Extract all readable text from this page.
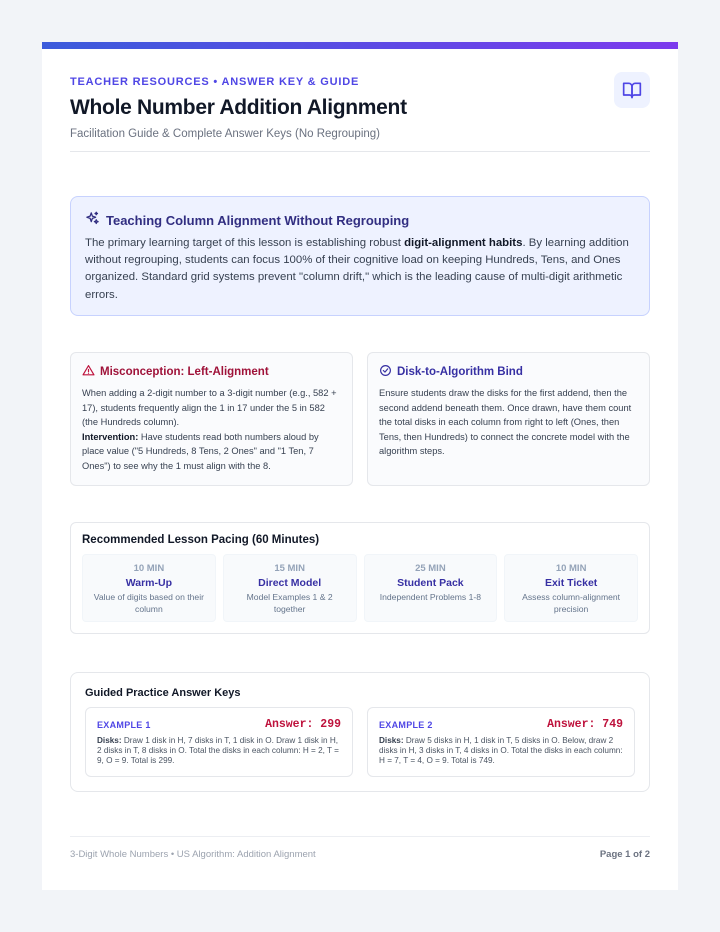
TEACHER RESOURCES • ANSWER KEY & GUIDE
Whole Number Addition Alignment
Facilitation Guide & Complete Answer Keys (No Regrouping)
Teaching Column Alignment Without Regrouping

The primary learning target of this lesson is establishing robust digit-alignment habits. By learning addition without regrouping, students can focus 100% of their cognitive load on keeping Hundreds, Tens, and Ones organized. Standard grid systems prevent "column drift," which is the leading cause of multi-digit arithmetic errors.

Misconception: Left-Alignment

When adding a 2-digit number to a 3-digit number (e.g., 582 + 17), students frequently align the 1 in 17 under the 5 in 582 (the Hundreds column).
Intervention: Have students read both numbers aloud by place value ("5 Hundreds, 8 Tens, 2 Ones" and "1 Ten, 7 Ones") to see why the 1 must align with the 8.

Disk-to-Algorithm Bind

Ensure students draw the disks for the first addend, then the second addend beneath them. Once drawn, have them count the total disks in each column from right to left (Ones, then Tens, then Hundreds) to connect the concrete model with the algorithm steps.

Recommended Lesson Pacing (60 Minutes)
10 MIN
Warm-Up
Value of digits based on their column
15 MIN
Direct Model
Model Examples 1 & 2 together
25 MIN
Student Pack
Independent Problems 1-8
10 MIN
Exit Ticket
Assess column-alignment precision
Guided Practice Answer Keys
EXAMPLE 1	Answer: 299

Disks: Draw 1 disk in H, 7 disks in T, 1 disk in O. Draw 1 disk in H, 2 disks in T, 8 disks in O. Total the disks in each column: H = 2, T = 9, O = 9. Total is 299.

EXAMPLE 2	Answer: 749

Disks: Draw 5 disks in H, 1 disk in T, 5 disks in O. Below, draw 2 disks in H, 3 disks in T, 4 disks in O. Total the disks in each column: H = 7, T = 4, O = 9. Total is 749.

3-Digit Whole Numbers • US Algorithm: Addition Alignment	Page 1 of 2
